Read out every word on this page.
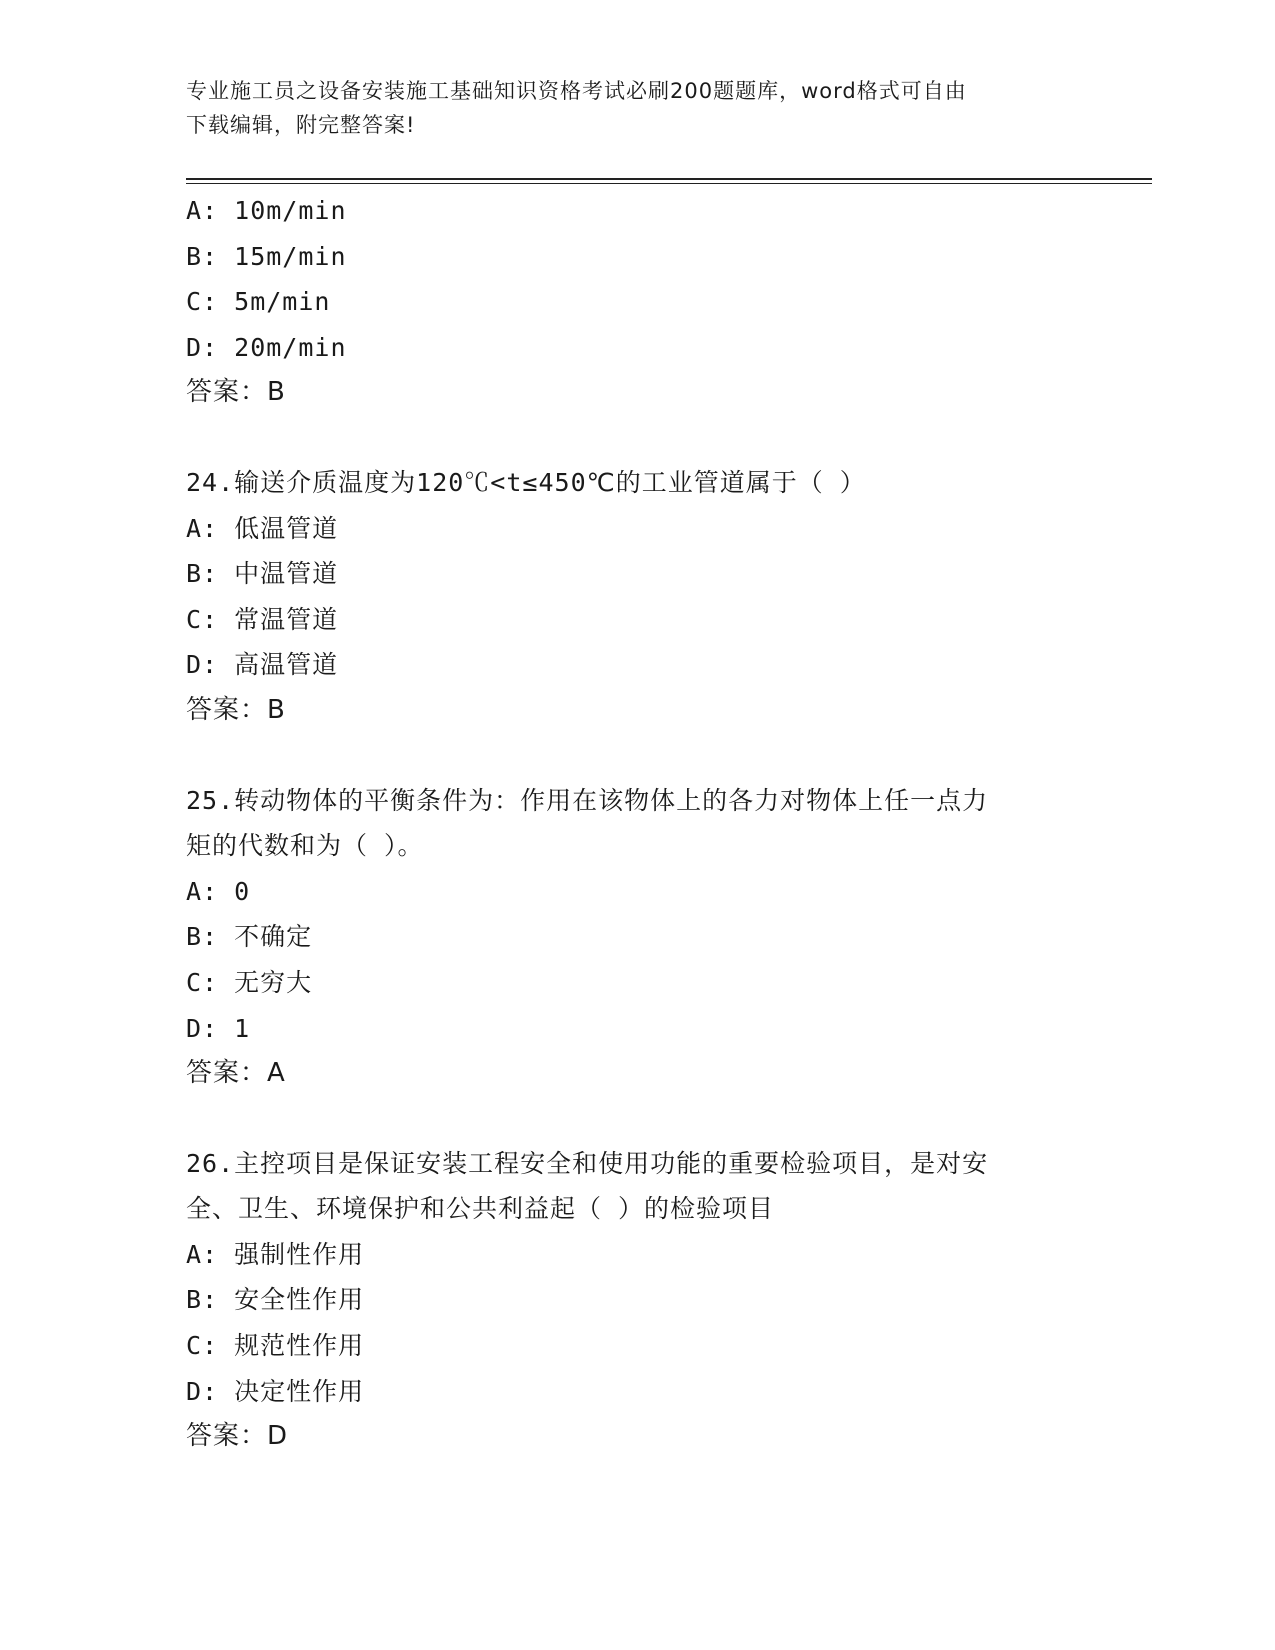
专业施工员之设备安装施工基础知识资格考试必刷200题题库，word格式可自由
下载编辑，附完整答案!
A: 10m/min
B: 15m/min
C: 5m/min
D: 20m/min
答案：B
24.输送介质温度为120℃<t≤450℃的工业管道属于（ ）
A: 低温管道
B: 中温管道
C: 常温管道
D: 高温管道
答案：B
25.转动物体的平衡条件为：作用在该物体上的各力对物体上任一点力
矩的代数和为（ ）。
A: 0
B: 不确定
C: 无穷大
D: 1
答案：A
26.主控项目是保证安装工程安全和使用功能的重要检验项目，是对安
全、卫生、环境保护和公共利益起（ ）的检验项目
A: 强制性作用
B: 安全性作用
C: 规范性作用
D: 决定性作用
答案：D
